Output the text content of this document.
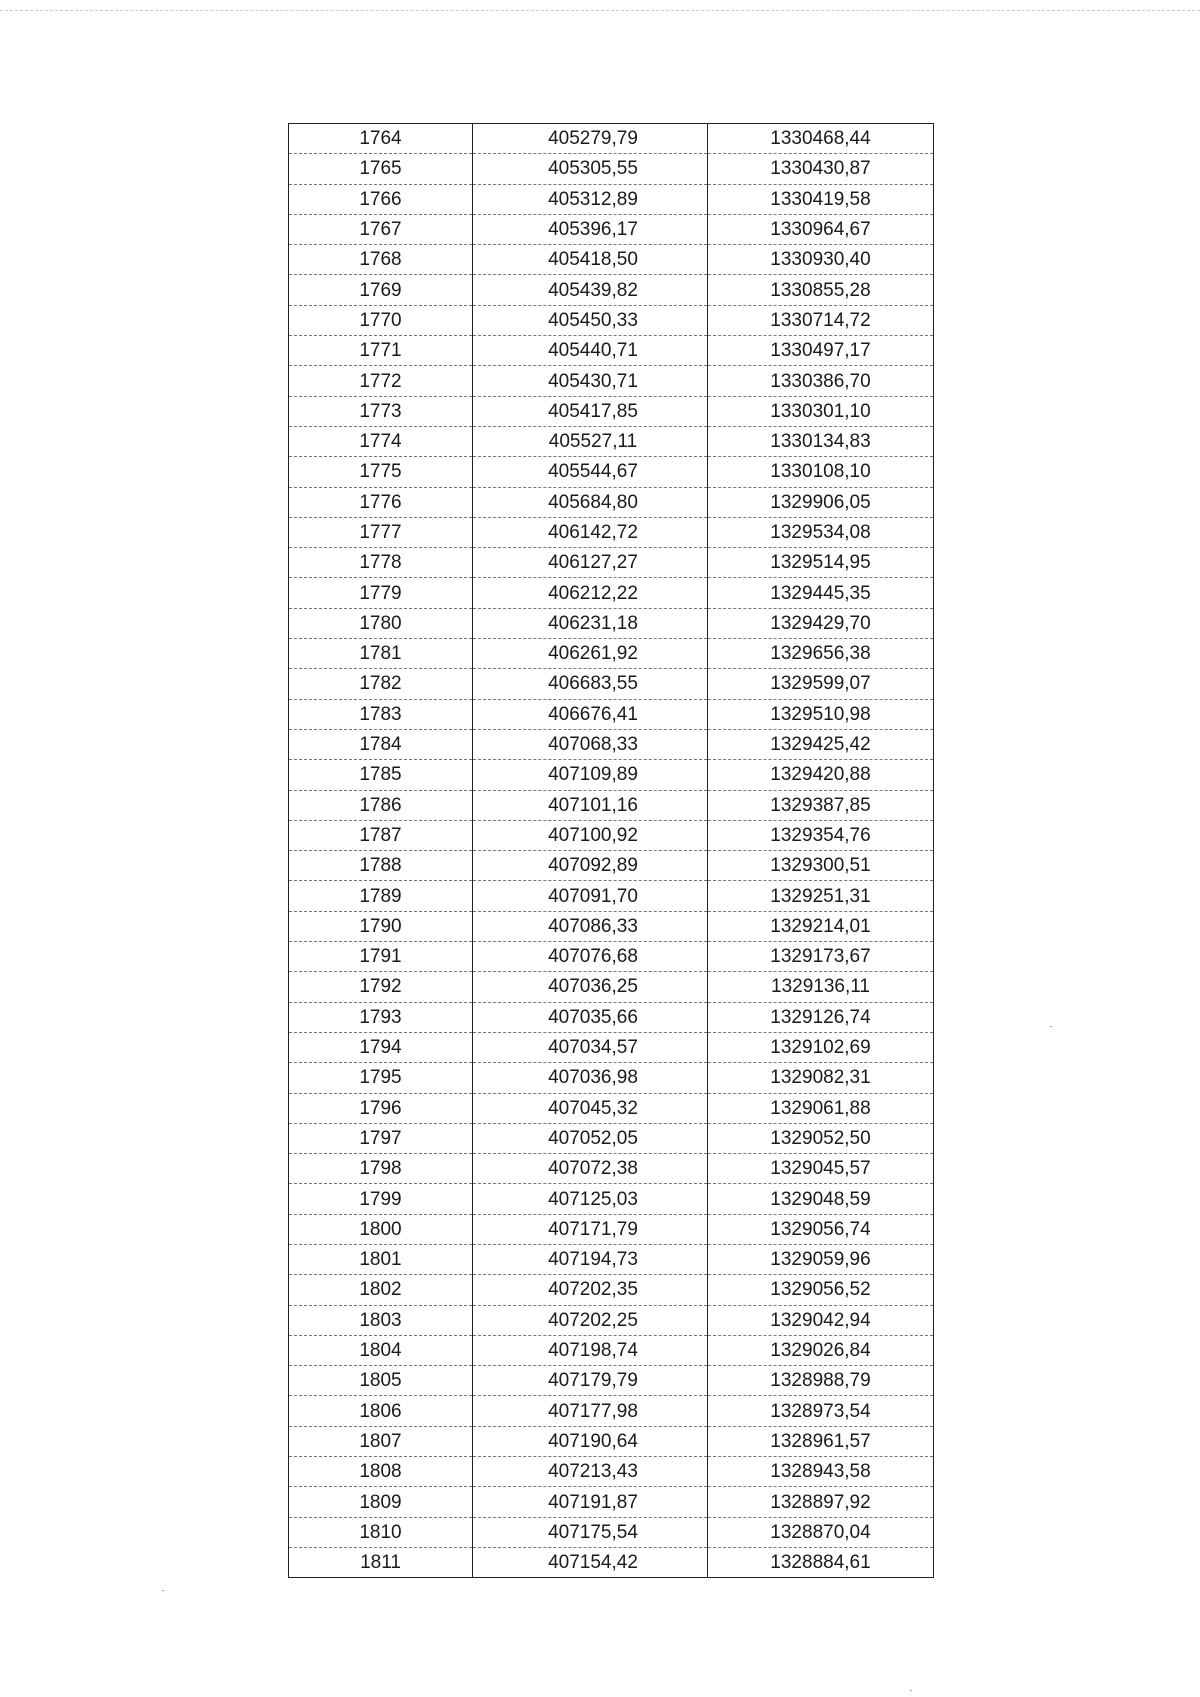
1764	405279,79	1330468,44
1765	405305,55	1330430,87
1766	405312,89	1330419,58
1767	405396,17	1330964,67
1768	405418,50	1330930,40
1769	405439,82	1330855,28
1770	405450,33	1330714,72
1771	405440,71	1330497,17
1772	405430,71	1330386,70
1773	405417,85	1330301,10
1774	405527,11	1330134,83
1775	405544,67	1330108,10
1776	405684,80	1329906,05
1777	406142,72	1329534,08
1778	406127,27	1329514,95
1779	406212,22	1329445,35
1780	406231,18	1329429,70
1781	406261,92	1329656,38
1782	406683,55	1329599,07
1783	406676,41	1329510,98
1784	407068,33	1329425,42
1785	407109,89	1329420,88
1786	407101,16	1329387,85
1787	407100,92	1329354,76
1788	407092,89	1329300,51
1789	407091,70	1329251,31
1790	407086,33	1329214,01
1791	407076,68	1329173,67
1792	407036,25	1329136,11
1793	407035,66	1329126,74
1794	407034,57	1329102,69
1795	407036,98	1329082,31
1796	407045,32	1329061,88
1797	407052,05	1329052,50
1798	407072,38	1329045,57
1799	407125,03	1329048,59
1800	407171,79	1329056,74
1801	407194,73	1329059,96
1802	407202,35	1329056,52
1803	407202,25	1329042,94
1804	407198,74	1329026,84
1805	407179,79	1328988,79
1806	407177,98	1328973,54
1807	407190,64	1328961,57
1808	407213,43	1328943,58
1809	407191,87	1328897,92
1810	407175,54	1328870,04
1811	407154,42	1328884,61
